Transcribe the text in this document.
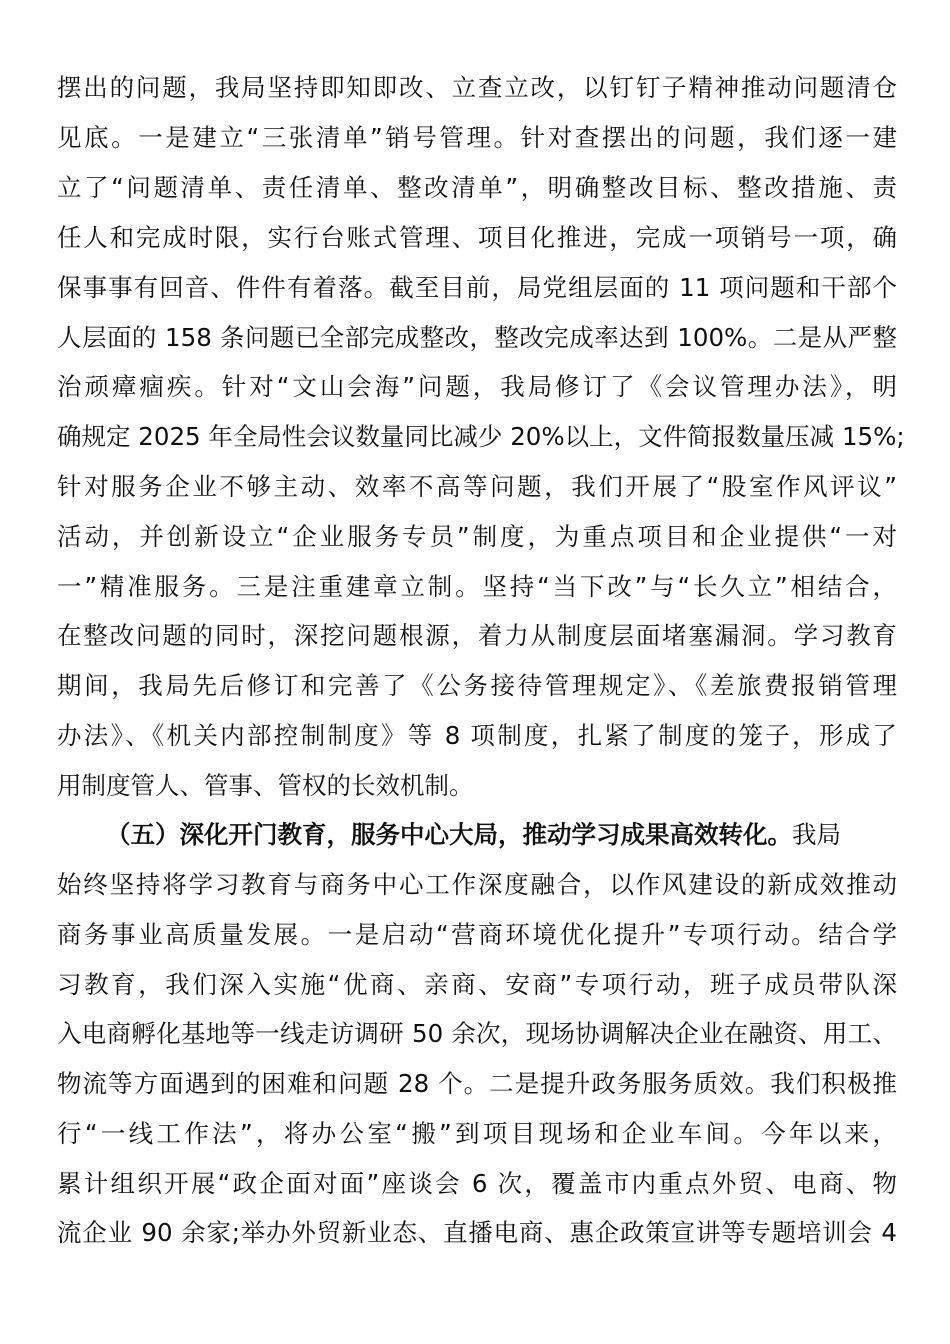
摆出的问题，我局坚持即知即改、立查立改，以钉钉子精神推动问题清仓
见底。一是建立“三张清单”销号管理。针对查摆出的问题，我们逐一建
立了“问题清单、责任清单、整改清单”，明确整改目标、整改措施、责
任人和完成时限，实行台账式管理、项目化推进，完成一项销号一项，确
保事事有回音、件件有着落。截至目前，局党组层面的 11 项问题和干部个
人层面的 158 条问题已全部完成整改，整改完成率达到 100%。二是从严整
治顽瘴痼疾。针对“文山会海”问题，我局修订了《会议管理办法》，明
确规定 2025 年全局性会议数量同比减少 20%以上，文件简报数量压减 15%;
针对服务企业不够主动、效率不高等问题，我们开展了“股室作风评议”
活动，并创新设立“企业服务专员”制度，为重点项目和企业提供“一对
一”精准服务。三是注重建章立制。坚持“当下改”与“长久立”相结合，
在整改问题的同时，深挖问题根源，着力从制度层面堵塞漏洞。学习教育
期间，我局先后修订和完善了《公务接待管理规定》、《差旅费报销管理
办法》、《机关内部控制制度》等 8 项制度，扎紧了制度的笼子，形成了
用制度管人、管事、管权的长效机制。
（五）深化开门教育，服务中心大局，推动学习成果高效转化。我局
始终坚持将学习教育与商务中心工作深度融合，以作风建设的新成效推动
商务事业高质量发展。一是启动“营商环境优化提升”专项行动。结合学
习教育，我们深入实施“优商、亲商、安商”专项行动，班子成员带队深
入电商孵化基地等一线走访调研 50 余次，现场协调解决企业在融资、用工、
物流等方面遇到的困难和问题 28 个。二是提升政务服务质效。我们积极推
行“一线工作法”，将办公室“搬”到项目现场和企业车间。今年以来，
累计组织开展“政企面对面”座谈会 6 次，覆盖市内重点外贸、电商、物
流企业 90 余家;举办外贸新业态、直播电商、惠企政策宣讲等专题培训会 4
